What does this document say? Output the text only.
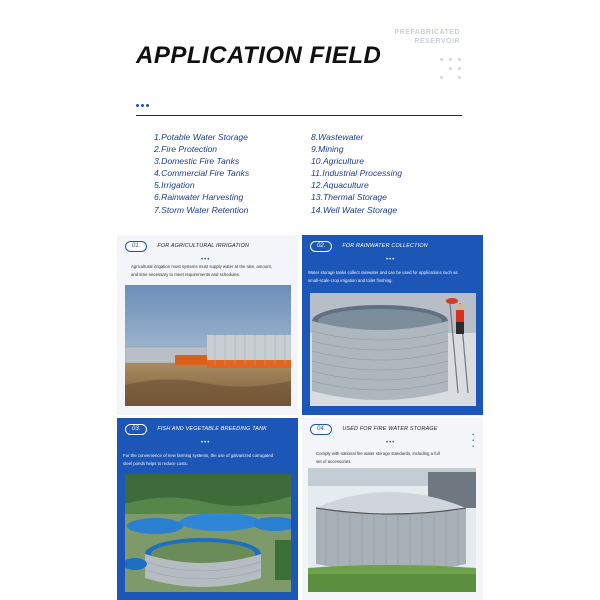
PREFABRICATED
RESERVOIR
APPLICATION FIELD
1.Potable Water Storage
2.Fire Protection
3.Domestic Fire Tanks
4.Commercial Fire Tanks
5.Irrigation
6.Rainwater Harvesting
7.Storm Water Retention
8.Wastewater
9.Mining
10.Agriculture
11.Industrial Processing
12.Aquaculture
13.Thermal Storage
14.Well Water Storage
01.	FOR AGRICULTURAL IRRIGATION
•••
Agricultural irrigation must systems must supply water at the rate, amount,
and time necessary to meet requirements and schedules.
02.	FOR RAINWATER COLLECTION
•••
Water storage tanks collect rainwater and can be used for applications such as
small-scale crop irrigation and toilet flushing.
03.	FISH AND VEGETABLE BREEDING TANK
•••
For the convenience of new farming systems, the use of galvanized corrugated
steel ponds helps to reduce costs.
04.	USED FOR FIRE WATER STORAGE
•••
Comply with national fire water storage standards, including a full
set of accessories.
•
•
•
